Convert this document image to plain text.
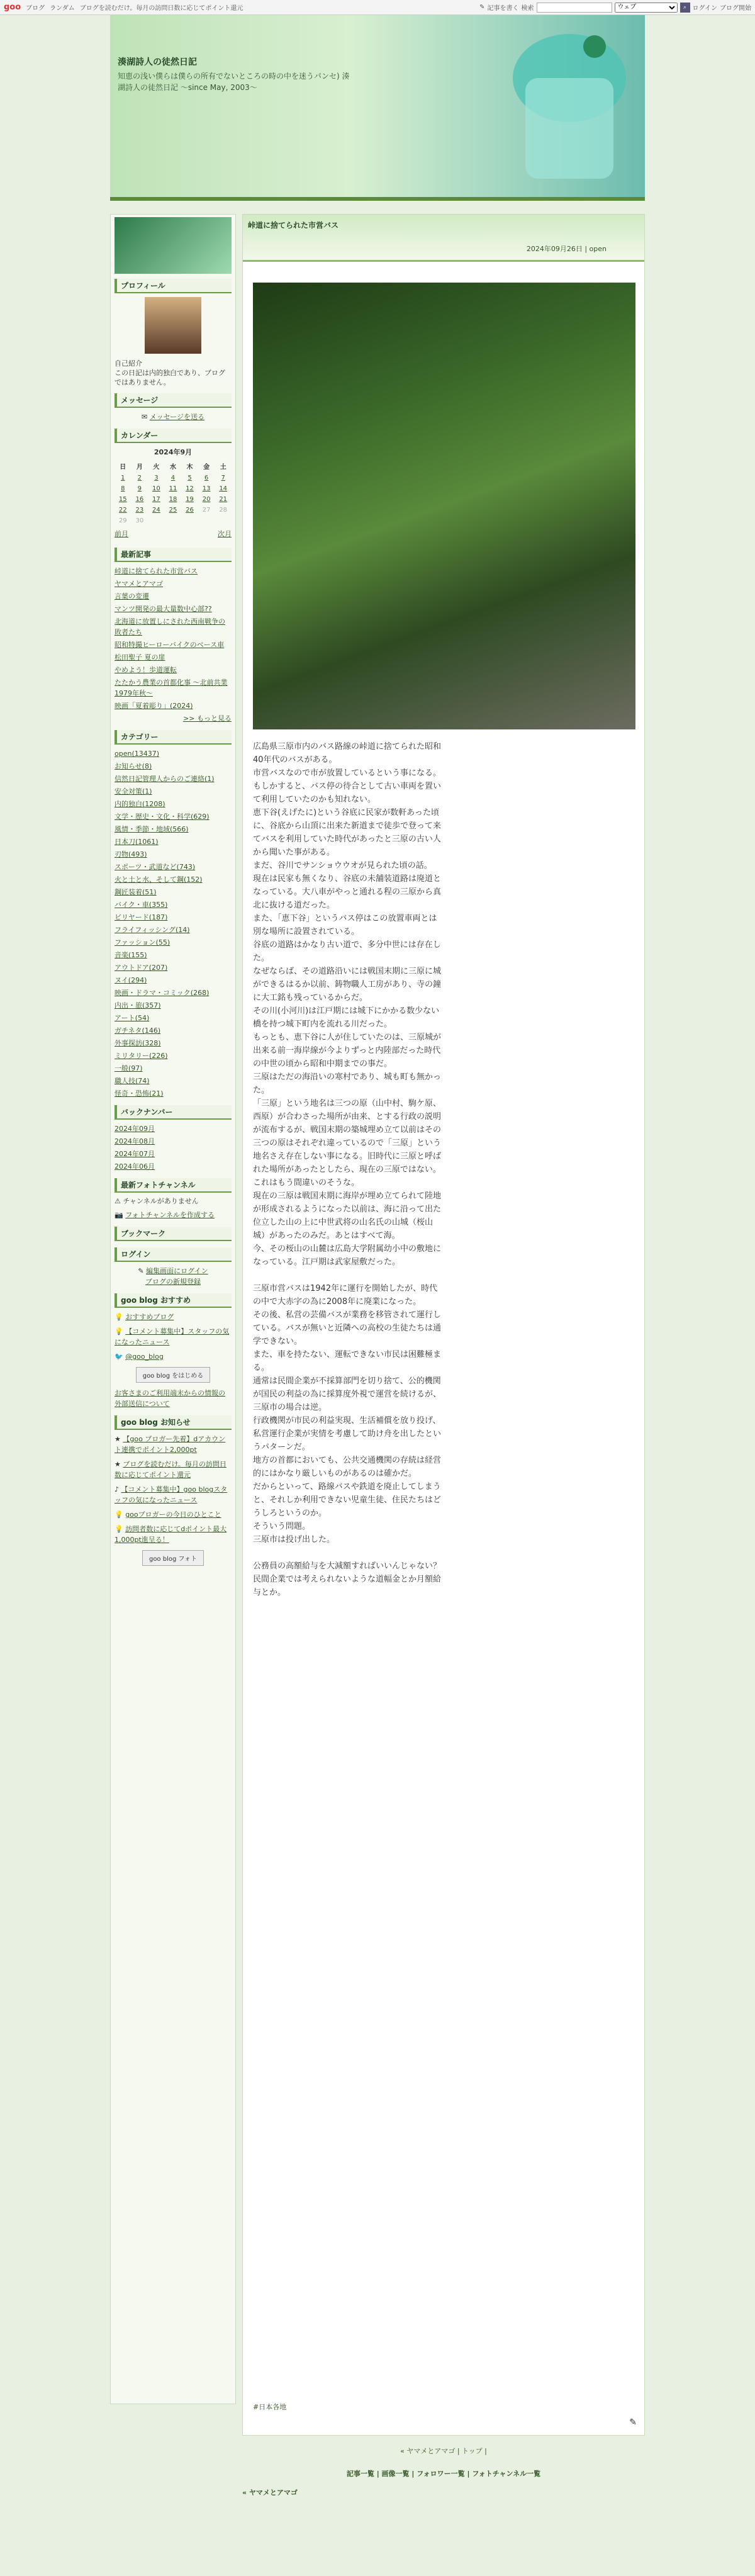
goo ブログ ランダム ブログを読むだけ。毎月の訪問日数に応じてポイント還元	✎ 記事を書く 検索
ウェブ	⌕ ログイン ブログ開始
湊湖詩人の徒然日記
知恵の浅い僕らは僕らの所有でないところの時の中を迷うパンセ) 湊湖詩人の徒然日記 〜since May, 2003〜
プロフィール
自己紹介
この日記は内的独白であり、ブログではありません。
メッセージ
✉ メッセージを送る
カレンダー
2024年9月
日	月	火	水	木	金	土
1	2	3	4	5	6	7
8	9	10	11	12	13	14
15	16	17	18	19	20	21
22	23	24	25	26	27	28
29	30					
前月	次月
最新記事
峠道に捨てられた市営バス
ヤマメとアマゴ
言葉の変遷
マンツ開発の最大量数中心部??
北海道に放置しにされた西南戦争の敗者たち
昭和特撮ヒーローバイクのベース車
松田聖子 夏の扉
やめよう！歩道運転
たたかう農業の首都化事 〜北前共業1979年秋〜
映画「夏着彫り」(2024)
>> もっと見る
カテゴリー
open(13437)
お知らせ(8)
信然日記管理人からのご連絡(1)
安全対策(1)
内的独白(1208)
文学・歴史・文化・科学(629)
風情・季節・地域(566)
日本刀(1061)
刃物(493)
スポーツ・武道など(743)
火と土と水、そして鋼(152)
鋼匠装着(51)
バイク・車(355)
ビリヤード(187)
フライフィッシング(14)
ファッション(55)
音楽(155)
アウトドア(207)
ヌイ(294)
映画・ドラマ・コミック(268)
内出・旅(357)
アート(54)
ガチネタ(146)
外事探訪(328)
ミリタリー(226)
一般(97)
職人技(74)
怪奇・恐怖(21)
バックナンバー
2024年09月
2024年08月
2024年07月
2024年06月
最新フォトチャンネル
⚠ チャンネルがありません
📷 フォトチャンネルを作成する
ブックマーク
ログイン
✎ 編集画面にログイン
ブログの新規登録
goo blog おすすめ
💡 おすすめブログ
💡 【コメント募集中】スタッフの気になったニュース
🐦 @goo_blog
goo blog をはじめる
お客さまのご利用端末からの情報の外部送信について
goo blog お知らせ
★ 【goo ブロガー先着】dアカウント連携でポイント2,000pt
★ ブログを読むだけ。毎月の訪問日数に応じてポイント還元
♪ 【コメント募集中】goo blogスタッフの気になったニュース
💡 gooブロガーの今日のひとこと
💡 訪問者数に応じてdポイント最大1,000pt進呈る！
goo blog フォト
峠道に捨てられた市営バス
2024年09月26日 | open
広島県三原市内のバス路線の峠道に捨てられた昭和40年代のバスがある。
市営バスなので市が放置しているという事になる。
もしかすると、バス停の待合として古い車両を置いて利用していたのかも知れない。
恵下谷(えげたに)という谷底に民家が数軒あった頃に、谷底から山頂に出来た新道まで徒歩で登って来てバスを利用していた時代があったと三原の古い人から聞いた事がある。
まだ、谷川でサンショウウオが見られた頃の話。
現在は民家も無くなり、谷底の未舗装道路は廃道となっている。大八車がやっと通れる程の三原から真北に抜ける道だった。
また、「恵下谷」というバス停はこの放置車両とは別な場所に設置されている。
谷底の道路はかなり古い道で、多分中世には存在した。
なぜならば、その道路沿いには戦国末期に三原に城ができるはるか以前、鋳物職人工房があり、寺の鐘に大工銘も残っているからだ。
その川(小河川)は江戸期には城下にかかる数少ない橋を持つ城下町内を流れる川だった。
もっとも、恵下谷に人が住していたのは、三原城が出来る前一海岸線が今よりずっと内陸部だった時代の中世の頃から昭和中期までの事だ。
三原はただの海沿いの寒村であり、城も町も無かった。
「三原」という地名は三つの原（山中村、駒ケ原、西原）が合わさった場所が由来、とする行政の説明が流布するが、戦国末期の築城埋め立て以前はその三つの原はそれぞれ違っているので「三原」という地名さえ存在しない事になる。旧時代に三原と呼ばれた場所があったとしたら、現在の三原ではない。これはもう間違いのそうな。
現在の三原は戦国末期に海岸が埋め立てられて陸地が形成されるようになった以前は、海に沿って出た位立した山の上に中世武将の山名氏の山城（桜山城）があったのみだ。あとはすべて海。
今、その桜山の山麓は広島大学附属幼小中の敷地になっている。江戸期は武家屋敷だった。

三原市営バスは1942年に運行を開始したが、時代の中で大赤字の為に2008年に廃業になった。
その後、私営の芸備バスが業務を移管されて運行している。バスが無いと近隣への高校の生徒たちは通学できない。
また、車を持たない、運転できない市民は困難極まる。
通常は民間企業が不採算部門を切り捨て、公的機関が国民の利益の為に採算度外視で運営を続けるが、三原市の場合は逆。
行政機関が市民の利益実現、生活補償を放り投げ、私営運行企業が実情を考慮して助け舟を出したというパターンだ。
地方の首都においても、公共交通機関の存続は経営的にはかなり厳しいものがあるのは確かだ。
だからといって、路線バスや鉄道を廃止してしまうと、それしか利用できない児童生徒、住民たちはどうしろというのか。
そういう問題。
三原市は投げ出した。

公務員の高額給与を大減額すればいいんじゃない？
民間企業では考えられないような道幅金とか月額給与とか。
#日本各地
✎
« ヤマメとアマゴ | トップ |
記事一覧 | 画像一覧 | フォロワー一覧 | フォトチャンネル一覧
« ヤマメとアマゴ
